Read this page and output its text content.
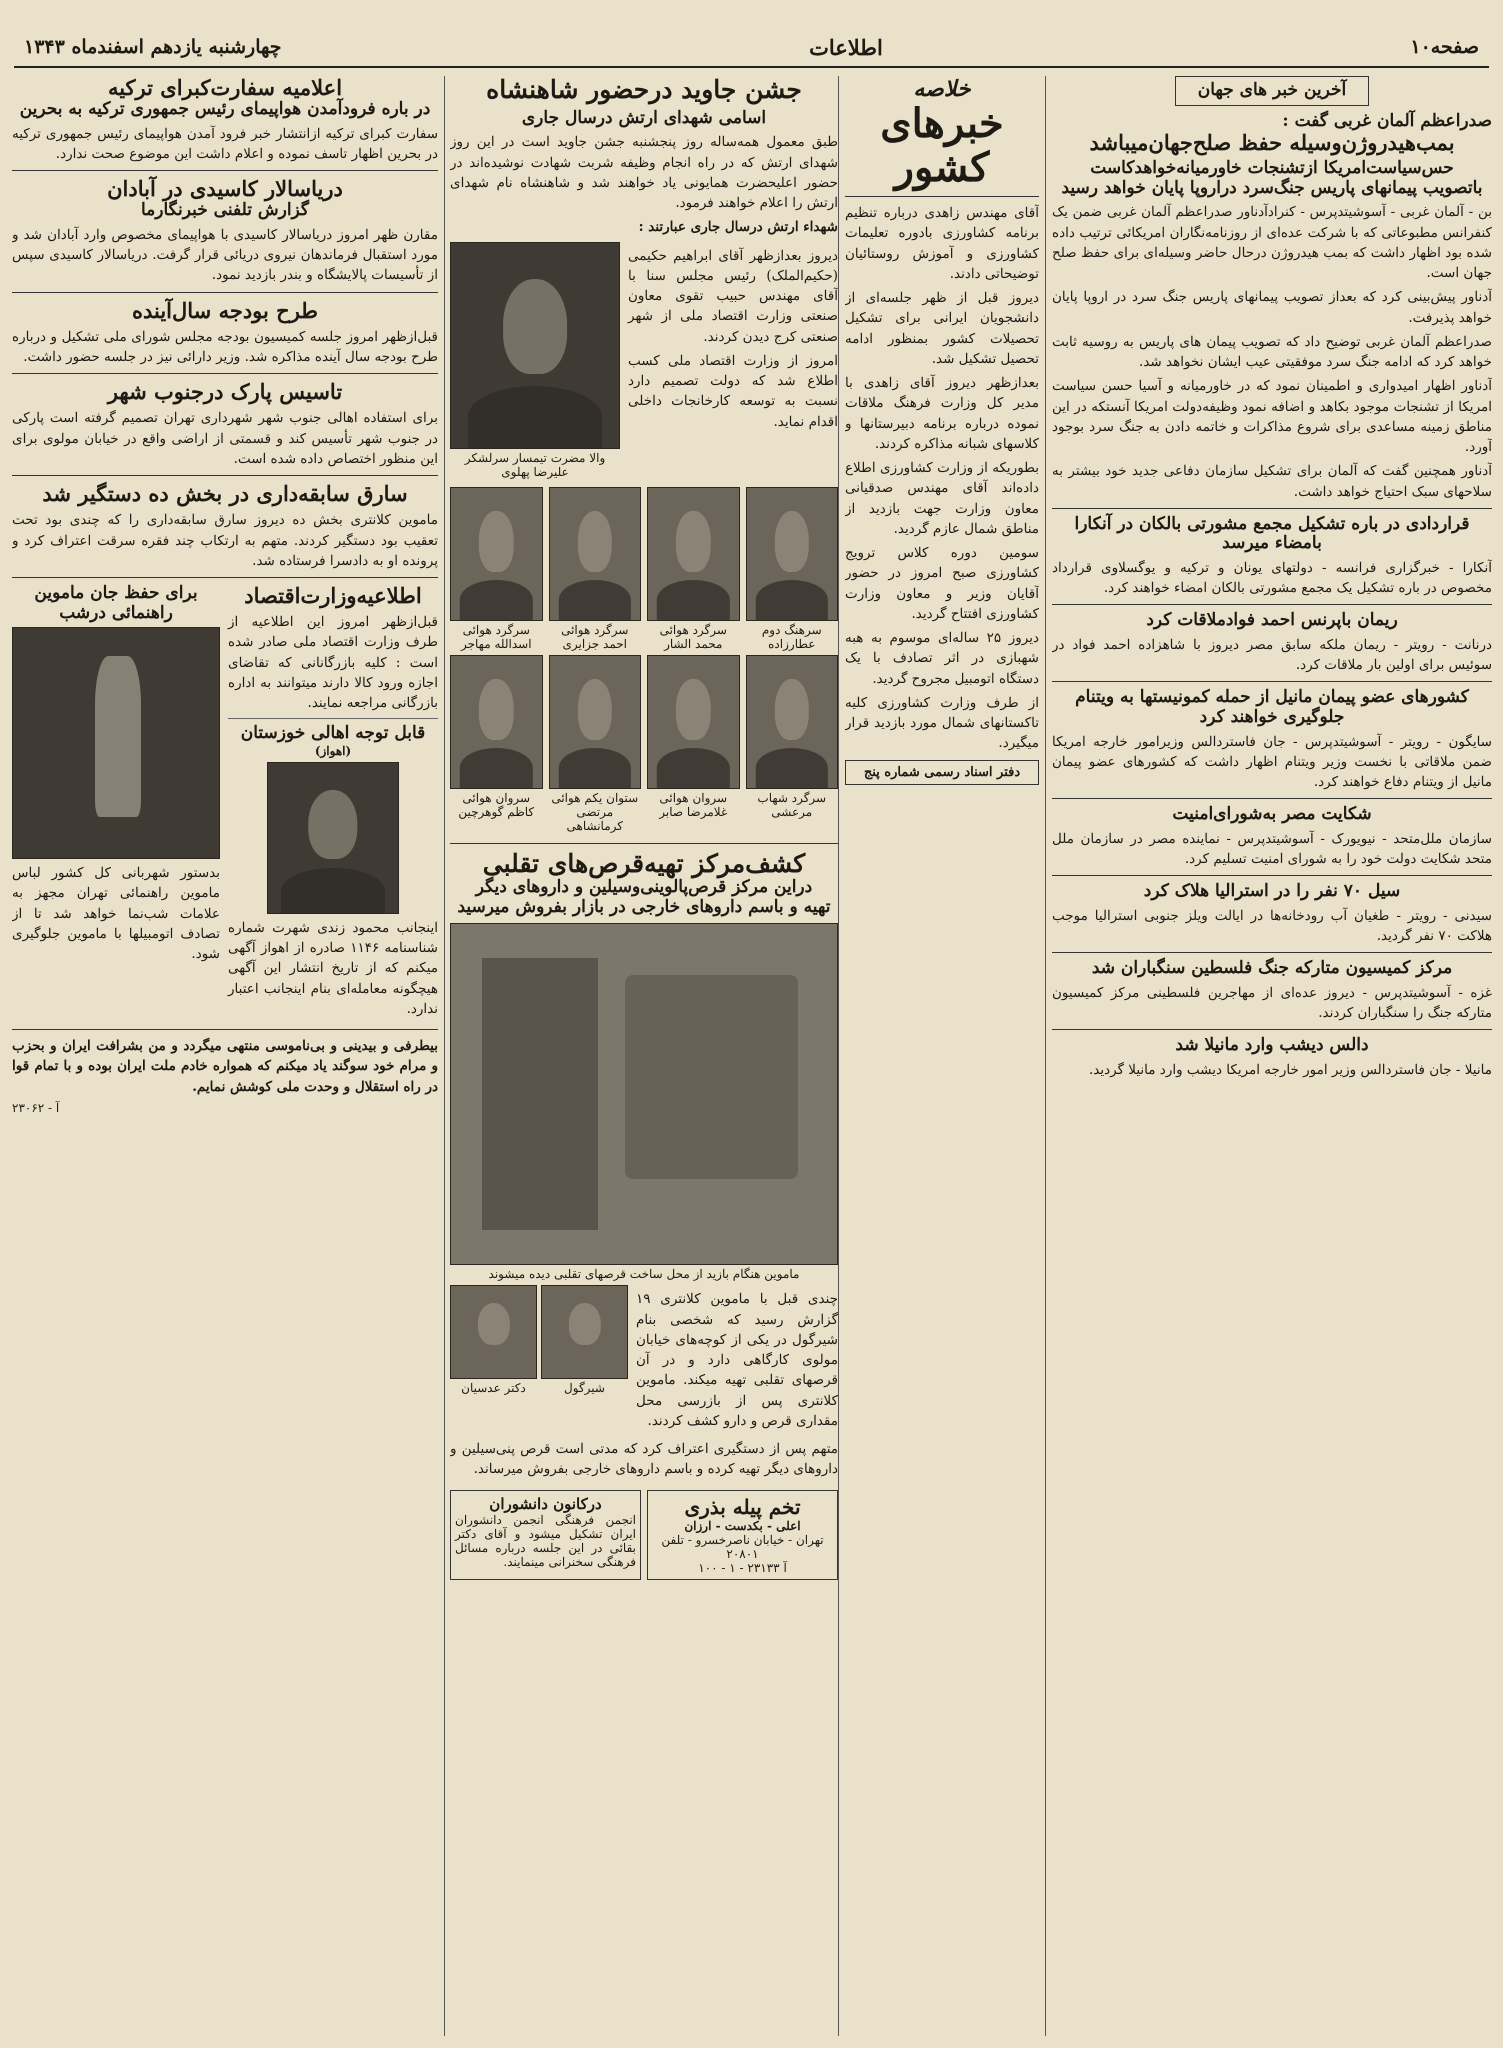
صفحه۱۰
اطلاعات
چهارشنبه یازدهم اسفندماه ۱۳۴۳
آخرین خبر های جهان
صدراعظم آلمان غربی گفت :
بمب‌هیدروژن‌وسیله حفظ صلح‌جهان‌میباشد
حس‌سیاست‌امریکا ازتشنجات خاورمیانه‌خواهدکاست
باتصویب پیمانهای پاریس جنگ‌سرد دراروپا پایان خواهد رسید

بن - آلمان غربی - آسوشیتدپرس - کنرادآدناور صدراعظم آلمان غربی ضمن یک کنفرانس مطبوعاتی که با شرکت عده‌ای از روزنامه‌نگاران امریکائی ترتیب داده شده بود اظهار داشت که بمب هیدروژن درحال حاضر وسیله‌ای برای حفظ صلح جهان است.

آدناور پیش‌بینی کرد که بعداز تصویب پیمانهای پاریس جنگ سرد در اروپا پایان خواهد پذیرفت.

صدراعظم آلمان غربی توضیح داد که تصویب پیمان های پاریس به روسیه ثابت خواهد کرد که ادامه جنگ سرد موفقیتی عیب ایشان نخواهد شد.

آدناور اظهار امیدواری و اطمینان نمود که در خاورمیانه و آسیا حسن سیاست امریکا از تشنجات موجود بکاهد و اضافه نمود وظیفه‌دولت امریکا آنستکه در این مناطق زمینه مساعدی برای شروع مذاکرات و خاتمه دادن به جنگ سرد بوجود آورد.

آدناور همچنین گفت که آلمان برای تشکیل سازمان دفاعی جدید خود بیشتر به سلاحهای سبک احتیاج خواهد داشت.

قراردادی در باره تشکیل مجمع مشورتی بالکان در آنکارا بامضاء میرسد

آنکارا - خبرگزاری فرانسه - دولتهای یونان و ترکیه و یوگسلاوی قرارداد مخصوص در باره تشکیل یک مجمع مشورتی بالکان امضاء خواهند کرد.

ریمان باپرنس احمد فوادملاقات کرد

درنانت - رویتر - ریمان ملکه سابق مصر دیروز با شاهزاده احمد فواد در سوئیس برای اولین بار ملاقات کرد.

کشورهای عضو پیمان مانیل از حمله کمونیستها به ویتنام جلوگیری خواهند کرد

سایگون - رویتر - آسوشیتدپرس - جان فاستردالس وزیرامور خارجه امریکا ضمن ملاقاتی با نخست وزیر ویتنام اظهار داشت که کشورهای عضو پیمان مانیل از ویتنام دفاع خواهند کرد.

شکایت مصر به‌شورای‌امنیت

سازمان ملل‌متحد - نیویورک - آسوشیتدپرس - نماینده مصر در سازمان ملل متحد شکایت دولت خود را به شورای امنیت تسلیم کرد.

سیل ۷۰ نفر را در استرالیا هلاک کرد

سیدنی - رویتر - طغیان آب رودخانه‌ها در ایالت ویلز جنوبی استرالیا موجب هلاکت ۷۰ نفر گردید.

مرکز کمیسیون متارکه جنگ فلسطین سنگباران شد

غزه - آسوشیتدپرس - دیروز عده‌ای از مهاجرین فلسطینی مرکز کمیسیون متارکه جنگ را سنگباران کردند.

دالس دیشب وارد مانیلا شد

مانیلا - جان فاستردالس وزیر امور خارجه امریکا دیشب وارد مانیلا گردید.

خلاصه
خبرهای کشور

آقای مهندس زاهدی درباره تنظیم برنامه کشاورزی بادوره تعلیمات کشاورزی و آموزش روستائیان توضیحاتی دادند.

دیروز قبل از ظهر جلسه‌ای از دانشجویان ایرانی برای تشکیل تحصیلات کشور بمنظور ادامه تحصیل تشکیل شد.

بعدازظهر دیروز آقای زاهدی با مدیر کل وزارت فرهنگ ملاقات نموده درباره برنامه دبیرستانها و کلاسهای شبانه مذاکره کردند.

بطوریکه از وزارت کشاورزی اطلاع داده‌اند آقای مهندس صدقیانی معاون وزارت جهت بازدید از مناطق شمال عازم گردید.

سومین دوره کلاس ترویج کشاورزی صبح امروز در حضور آقایان وزیر و معاون وزارت کشاورزی افتتاح گردید.

دیروز ۲۵ ساله‌ای موسوم به هبه شهبازی در اثر تصادف با یک دستگاه اتومبیل مجروح گردید.

از طرف وزارت کشاورزی کلیه تاکستانهای شمال مورد بازدید قرار میگیرد.

دفتر اسناد رسمی شماره پنج
جشن جاوید درحضور شاهنشاه
اسامی شهدای ارتش درسال جاری

طبق معمول همه‌ساله روز پنجشنبه جشن جاوید است در این روز شهدای ارتش که در راه انجام وظیفه شربت شهادت نوشیده‌اند در حضور اعلیحضرت همایونی یاد خواهند شد و شاهنشاه نام شهدای ارتش را اعلام خواهند فرمود.

شهداء ارتش درسال جاری عبارتند :

دیروز بعدازظهر آقای ابراهیم حکیمی (حکیم‌الملک) رئیس مجلس سنا با آقای مهندس حبیب تقوی معاون صنعتی وزارت اقتصاد ملی از شهر صنعتی کرج دیدن کردند.

امروز از وزارت اقتصاد ملی کسب اطلاع شد که دولت تصمیم دارد نسبت به توسعه کارخانجات داخلی اقدام نماید.

والا مضرت تیمسار سرلشکر علیرضا پهلوی
سرهنگ دوم عطارزاده
سرگرد هوائی محمد الشار
سرگرد هوائی احمد جزایری
سرگرد هوائی اسدالله مهاجر
سرگرد شهاب مرعشی
سروان هوائی غلامرضا صابر
ستوان یکم هوائی مرتضی کرمانشاهی
سروان هوائی کاظم گوهرچین
کشف‌مرکز تهیه‌قرص‌های تقلبی
دراین مرکز قرص‌پالوینی‌وسیلین و داروهای دیگر
تهیه و باسم داروهای خارجی در بازار بفروش میرسید
ماموین هنگام بازید از محل ساخت قرصهای تقلبی دیده میشوند

چندی قبل با ماموین کلانتری ۱۹ گزارش رسید که شخصی بنام شیرگول در یکی از کوچه‌های خیابان مولوی کارگاهی دارد و در آن قرصهای تقلبی تهیه میکند. ماموین کلانتری پس از بازرسی محل مقداری قرص و دارو کشف کردند.

شیرگول
دکتر عدسیان

متهم پس از دستگیری اعتراف کرد که مدتی است قرص پنی‌سیلین و داروهای دیگر تهیه کرده و باسم داروهای خارجی بفروش میرساند.

تخم پیله بذری
اعلی - بکدست - ارزان
تهران - خیابان ناصرخسرو - تلفن ۲۰۸۰۱
آ ۲۳۱۳۳ - ۱ - ۱۰۰
درکانون دانشوران
انجمن فرهنگی انجمن دانشوران ایران تشکیل میشود و آقای دکتر بقائی در این جلسه درباره مسائل فرهنگی سخنرانی مینمایند.
اعلامیه سفارت‌کبرای ترکیه
در باره فرودآمدن هواپیمای رئیس جمهوری ترکیه به بحرین

سفارت کبرای ترکیه ازانتشار خبر فرود آمدن هواپیمای رئیس جمهوری ترکیه در بحرین اظهار تاسف نموده و اعلام داشت این موضوع صحت ندارد.

دریاسالار کاسیدی در آبادان
گزارش تلفنی خبرنگارما

مقارن ظهر امروز دریاسالار کاسیدی با هواپیمای مخصوص وارد آبادان شد و مورد استقبال فرماندهان نیروی دریائی قرار گرفت. دریاسالار کاسیدی سپس از تأسیسات پالایشگاه و بندر بازدید نمود.

طرح بودجه سال‌آینده

قبل‌ازظهر امروز جلسه کمیسیون بودجه مجلس شورای ملی تشکیل و درباره طرح بودجه سال آینده مذاکره شد. وزیر دارائی نیز در جلسه حضور داشت.

تاسیس پارک درجنوب شهر

برای استفاده اهالی جنوب شهر شهرداری تهران تصمیم گرفته است پارکی در جنوب شهر تأسیس کند و قسمتی از اراضی واقع در خیابان مولوی برای این منظور اختصاص داده شده است.

سارق سابقه‌داری در بخش ده دستگیر شد

ماموین کلانتری بخش ده دیروز سارق سابقه‌داری را که چندی بود تحت تعقیب بود دستگیر کردند. متهم به ارتکاب چند فقره سرقت اعتراف کرد و پرونده او به دادسرا فرستاده شد.

اطلاعیه‌وزارت‌اقتصاد

قبل‌ازظهر امروز این اطلاعیه از طرف وزارت اقتصاد ملی صادر شده است : کلیه بازرگانانی که تقاضای اجازه ورود کالا دارند میتوانند به اداره بازرگانی مراجعه نمایند.

قابل توجه اهالی خوزستان
(اهواز)

اینجانب محمود زندی شهرت شماره شناسنامه ۱۱۴۶ صادره از اهواز آگهی میکنم که از تاریخ انتشار این آگهی هیچگونه معامله‌ای بنام اینجانب اعتبار ندارد.

برای حفظ جان ماموین راهنمائی درشب

بدستور شهربانی کل کشور لباس ماموین راهنمائی تهران مجهز به علامات شب‌نما خواهد شد تا از تصادف اتومبیلها با ماموین جلوگیری شود.

بیطرفی و بیدینی و بی‌ناموسی منتهی میگردد و من بشرافت ایران و بحزب و مرام خود سوگند یاد میکنم که همواره خادم ملت ایران بوده و با تمام قوا در راه استقلال و وحدت ملی کوشش نمایم.

آ - ۲۳۰۶۲
